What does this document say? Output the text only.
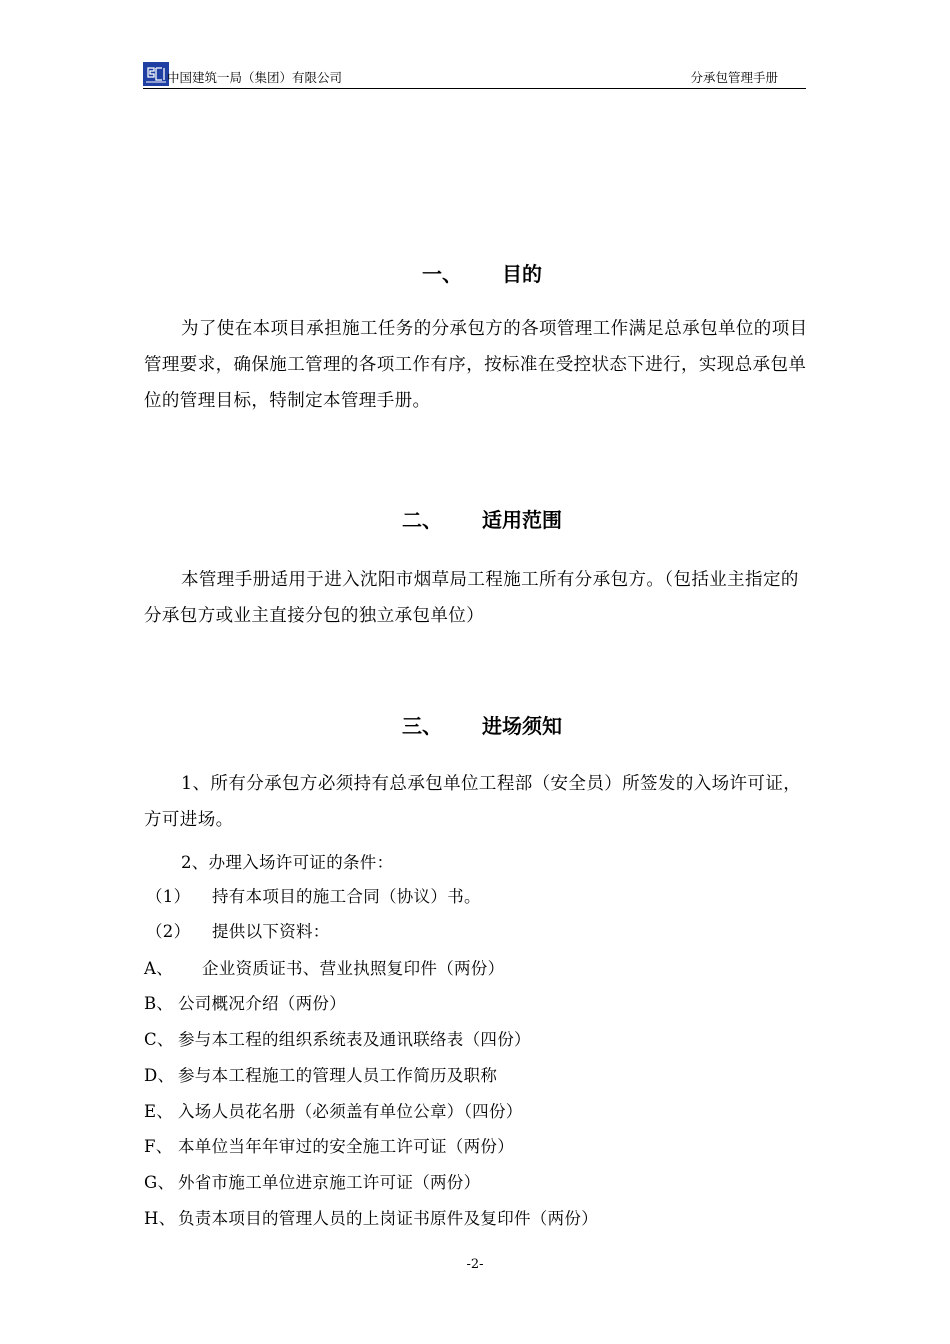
中国建筑一局（集团）有限公司	分承包管理手册

一、 目的

为了使在本项目承担施工任务的分承包方的各项管理工作满足总承包单位的项目管理要求，确保施工管理的各项工作有序，按标准在受控状态下进行，实现总承包单位的管理目标，特制定本管理手册。

二、 适用范围

本管理手册适用于进入沈阳市烟草局工程施工所有分承包方。（包括业主指定的分承包方或业主直接分包的独立承包单位）

三、 进场须知

1、所有分承包方必须持有总承包单位工程部（安全员）所签发的入场许可证，方可进场。
2、办理入场许可证的条件：
（1） 持有本项目的施工合同（协议）书。
（2） 提供以下资料：
A、 企业资质证书、营业执照复印件（两份）
B、 公司概况介绍（两份）
C、 参与本工程的组织系统表及通讯联络表（四份）
D、 参与本工程施工的管理人员工作简历及职称
E、 入场人员花名册（必须盖有单位公章）（四份）
F、 本单位当年年审过的安全施工许可证（两份）
G、 外省市施工单位进京施工许可证（两份）
H、 负责本项目的管理人员的上岗证书原件及复印件（两份）
-2-
